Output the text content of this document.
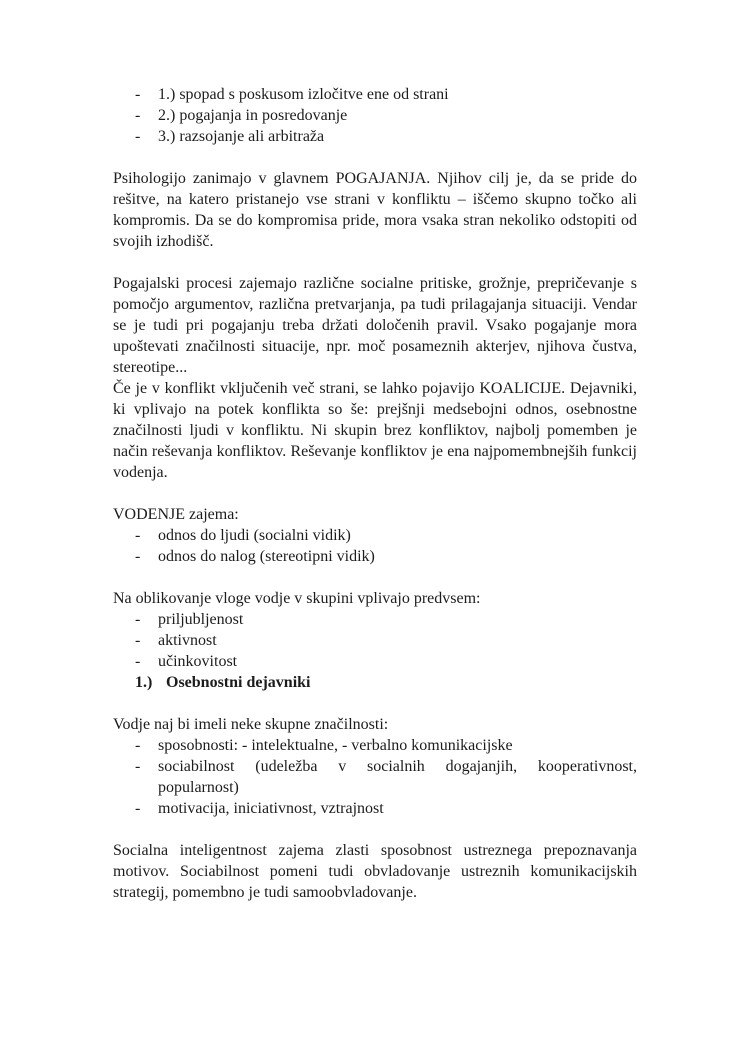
- 1.) spopad s poskusom izločitve ene od strani
- 2.) pogajanja in posredovanje
- 3.) razsojanje ali arbitraža

Psihologijo zanimajo v glavnem POGAJANJA. Njihov cilj je, da se pride do rešitve, na katero pristanejo vse strani v konfliktu – iščemo skupno točko ali kompromis. Da se do kompromisa pride, mora vsaka stran nekoliko odstopiti od svojih izhodišč.

Pogajalski procesi zajemajo različne socialne pritiske, grožnje, prepričevanje s pomočjo argumentov, različna pretvarjanja, pa tudi prilagajanja situaciji. Vendar se je tudi pri pogajanju treba držati določenih pravil. Vsako pogajanje mora upoštevati značilnosti situacije, npr. moč posameznih akterjev, njihova čustva, stereotipe...

Če je v konflikt vključenih več strani, se lahko pojavijo KOALICIJE. Dejavniki, ki vplivajo na potek konflikta so še: prejšnji medsebojni odnos, osebnostne značilnosti ljudi v konfliktu. Ni skupin brez konfliktov, najbolj pomemben je način reševanja konfliktov. Reševanje konfliktov je ena najpomembnejših funkcij vodenja.

VODENJE zajema:

- odnos do ljudi (socialni vidik)
- odnos do nalog (stereotipni vidik)

Na oblikovanje vloge vodje v skupini vplivajo predvsem:

- priljubljenost
- aktivnost
- učinkovitost
1.) Osebnostni dejavniki

Vodje naj bi imeli neke skupne značilnosti:

- sposobnosti: - intelektualne, - verbalno komunikacijske
- sociabilnost (udeležba v socialnih dogajanjih, kooperativnost, popularnost)
- motivacija, iniciativnost, vztrajnost

Socialna inteligentnost zajema zlasti sposobnost ustreznega prepoznavanja motivov. Sociabilnost pomeni tudi obvladovanje ustreznih komunikacijskih strategij, pomembno je tudi samoobvladovanje.
